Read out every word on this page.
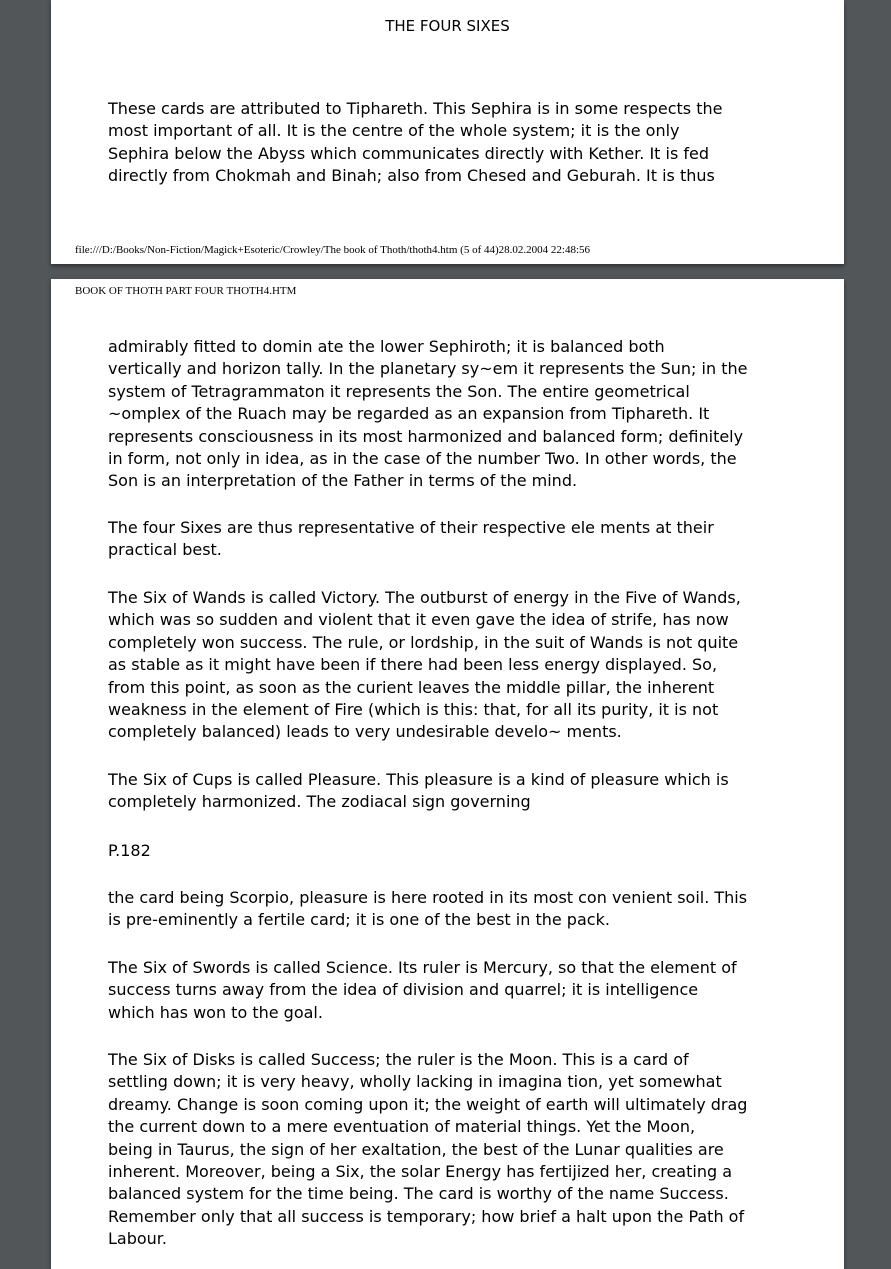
THE FOUR SIXES

These cards are attributed to Tiphareth. This Sephira is in some respects the
most important of all. It is the centre of the whole system; it is the only
Sephira below the Abyss which communicates directly with Kether. It is fed
directly from Chokmah and Binah; also from Chesed and Geburah. It is thus

file:///D:/Books/Non-Fiction/Magick+Esoteric/Crowley/The book of Thoth/thoth4.htm (5 of 44)28.02.2004 22:48:56
BOOK OF THOTH PART FOUR THOTH4.HTM

admirably fitted to domin ate the lower Sephiroth; it is balanced both
vertically and horizon tally. In the planetary sy~em it represents the Sun; in the
system of Tetragrammaton it represents the Son. The entire geometrical
~omplex of the Ruach may be regarded as an expansion from Tiphareth. It
represents consciousness in its most harmonized and balanced form; definitely
in form, not only in idea, as in the case of the number Two. In other words, the
Son is an interpretation of the Father in terms of the mind.

The four Sixes are thus representative of their respective ele ments at their
practical best.

The Six of Wands is called Victory. The outburst of energy in the Five of Wands,
which was so sudden and violent that it even gave the idea of strife, has now
completely won success. The rule, or lordship, in the suit of Wands is not quite
as stable as it might have been if there had been less energy displayed. So,
from this point, as soon as the curient leaves the middle pillar, the inherent
weakness in the element of Fire (which is this: that, for all its purity, it is not
completely balanced) leads to very undesirable develo~ ments.

The Six of Cups is called Pleasure. This pleasure is a kind of pleasure which is
completely harmonized. The zodiacal sign governing

P.182

the card being Scorpio, pleasure is here rooted in its most con venient soil. This
is pre-eminently a fertile card; it is one of the best in the pack.

The Six of Swords is called Science. Its ruler is Mercury, so that the element of
success turns away from the idea of division and quarrel; it is intelligence
which has won to the goal.

The Six of Disks is called Success; the ruler is the Moon. This is a card of
settling down; it is very heavy, wholly lacking in imagina tion, yet somewhat
dreamy. Change is soon coming upon it; the weight of earth will ultimately drag
the current down to a mere eventuation of material things. Yet the Moon,
being in Taurus, the sign of her exaltation, the best of the Lunar qualities are
inherent. Moreover, being a Six, the solar Energy has fertijized her, creating a
balanced system for the time being. The card is worthy of the name Success.
Remember only that all success is temporary; how brief a halt upon the Path of
Labour.
